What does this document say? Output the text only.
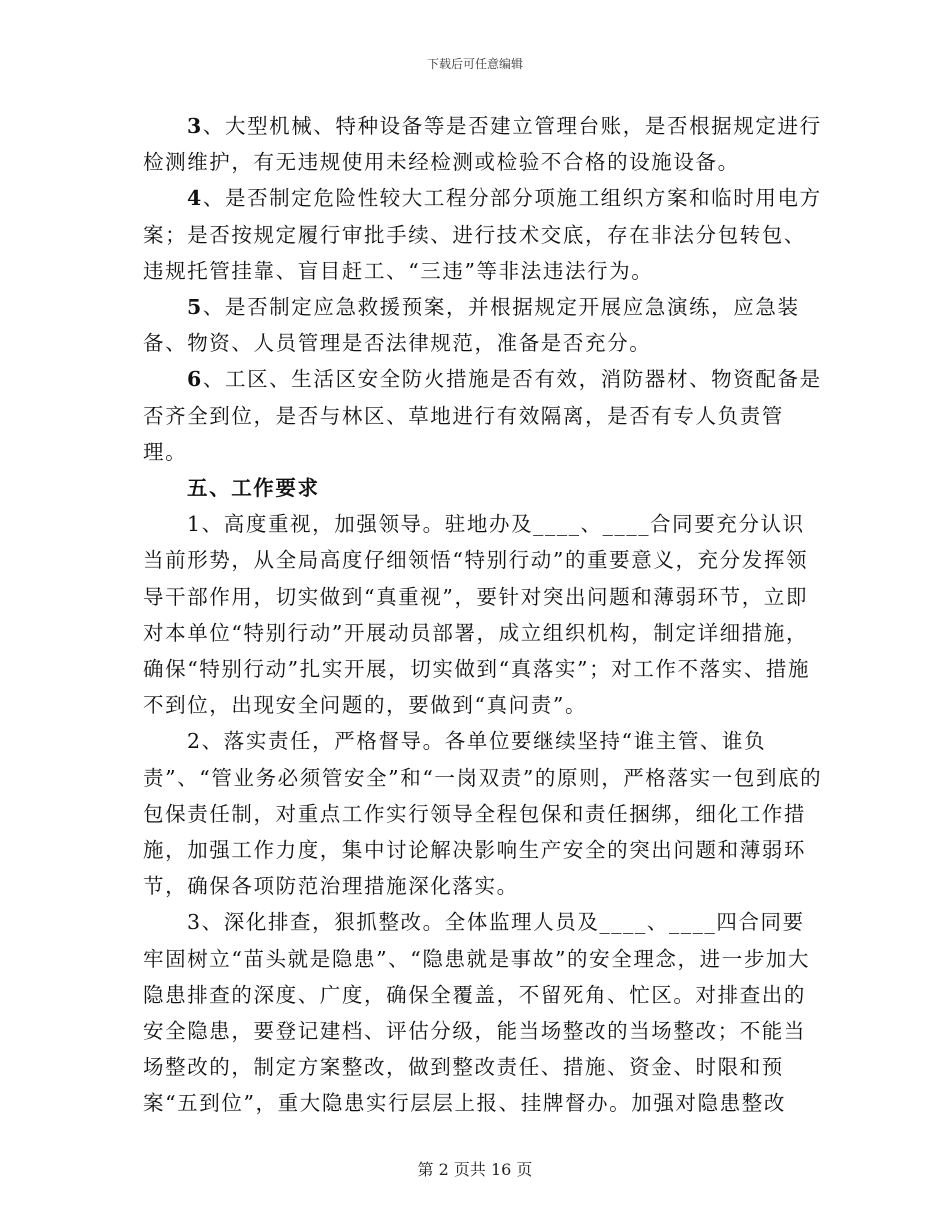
下载后可任意编辑

3、大型机械、特种设备等是否建立管理台账，是否根据规定进行检测维护，有无违规使用未经检测或检验不合格的设施设备。

4、是否制定危险性较大工程分部分项施工组织方案和临时用电方案；是否按规定履行审批手续、进行技术交底，存在非法分包转包、违规托管挂靠、盲目赶工、“三违”等非法违法行为。

5、是否制定应急救援预案，并根据规定开展应急演练，应急装备、物资、人员管理是否法律规范，准备是否充分。

6、工区、生活区安全防火措施是否有效，消防器材、物资配备是否齐全到位，是否与林区、草地进行有效隔离，是否有专人负责管理。

五、工作要求

1、高度重视，加强领导。驻地办及____、____合同要充分认识当前形势，从全局高度仔细领悟“特别行动”的重要意义，充分发挥领导干部作用，切实做到“真重视”，要针对突出问题和薄弱环节，立即对本单位“特别行动”开展动员部署，成立组织机构，制定详细措施，确保“特别行动”扎实开展，切实做到“真落实”；对工作不落实、措施不到位，出现安全问题的，要做到“真问责”。

2、落实责任，严格督导。各单位要继续坚持“谁主管、谁负责”、“管业务必须管安全”和“一岗双责”的原则，严格落实一包到底的包保责任制，对重点工作实行领导全程包保和责任捆绑，细化工作措施，加强工作力度，集中讨论解决影响生产安全的突出问题和薄弱环节，确保各项防范治理措施深化落实。

3、深化排查，狠抓整改。全体监理人员及____、____四合同要牢固树立“苗头就是隐患”、“隐患就是事故”的安全理念，进一步加大隐患排查的深度、广度，确保全覆盖，不留死角、忙区。对排查出的安全隐患，要登记建档、评估分级，能当场整改的当场整改；不能当场整改的，制定方案整改，做到整改责任、措施、资金、时限和预案“五到位”，重大隐患实行层层上报、挂牌督办。加强对隐患整改

第 2 页共 16 页
